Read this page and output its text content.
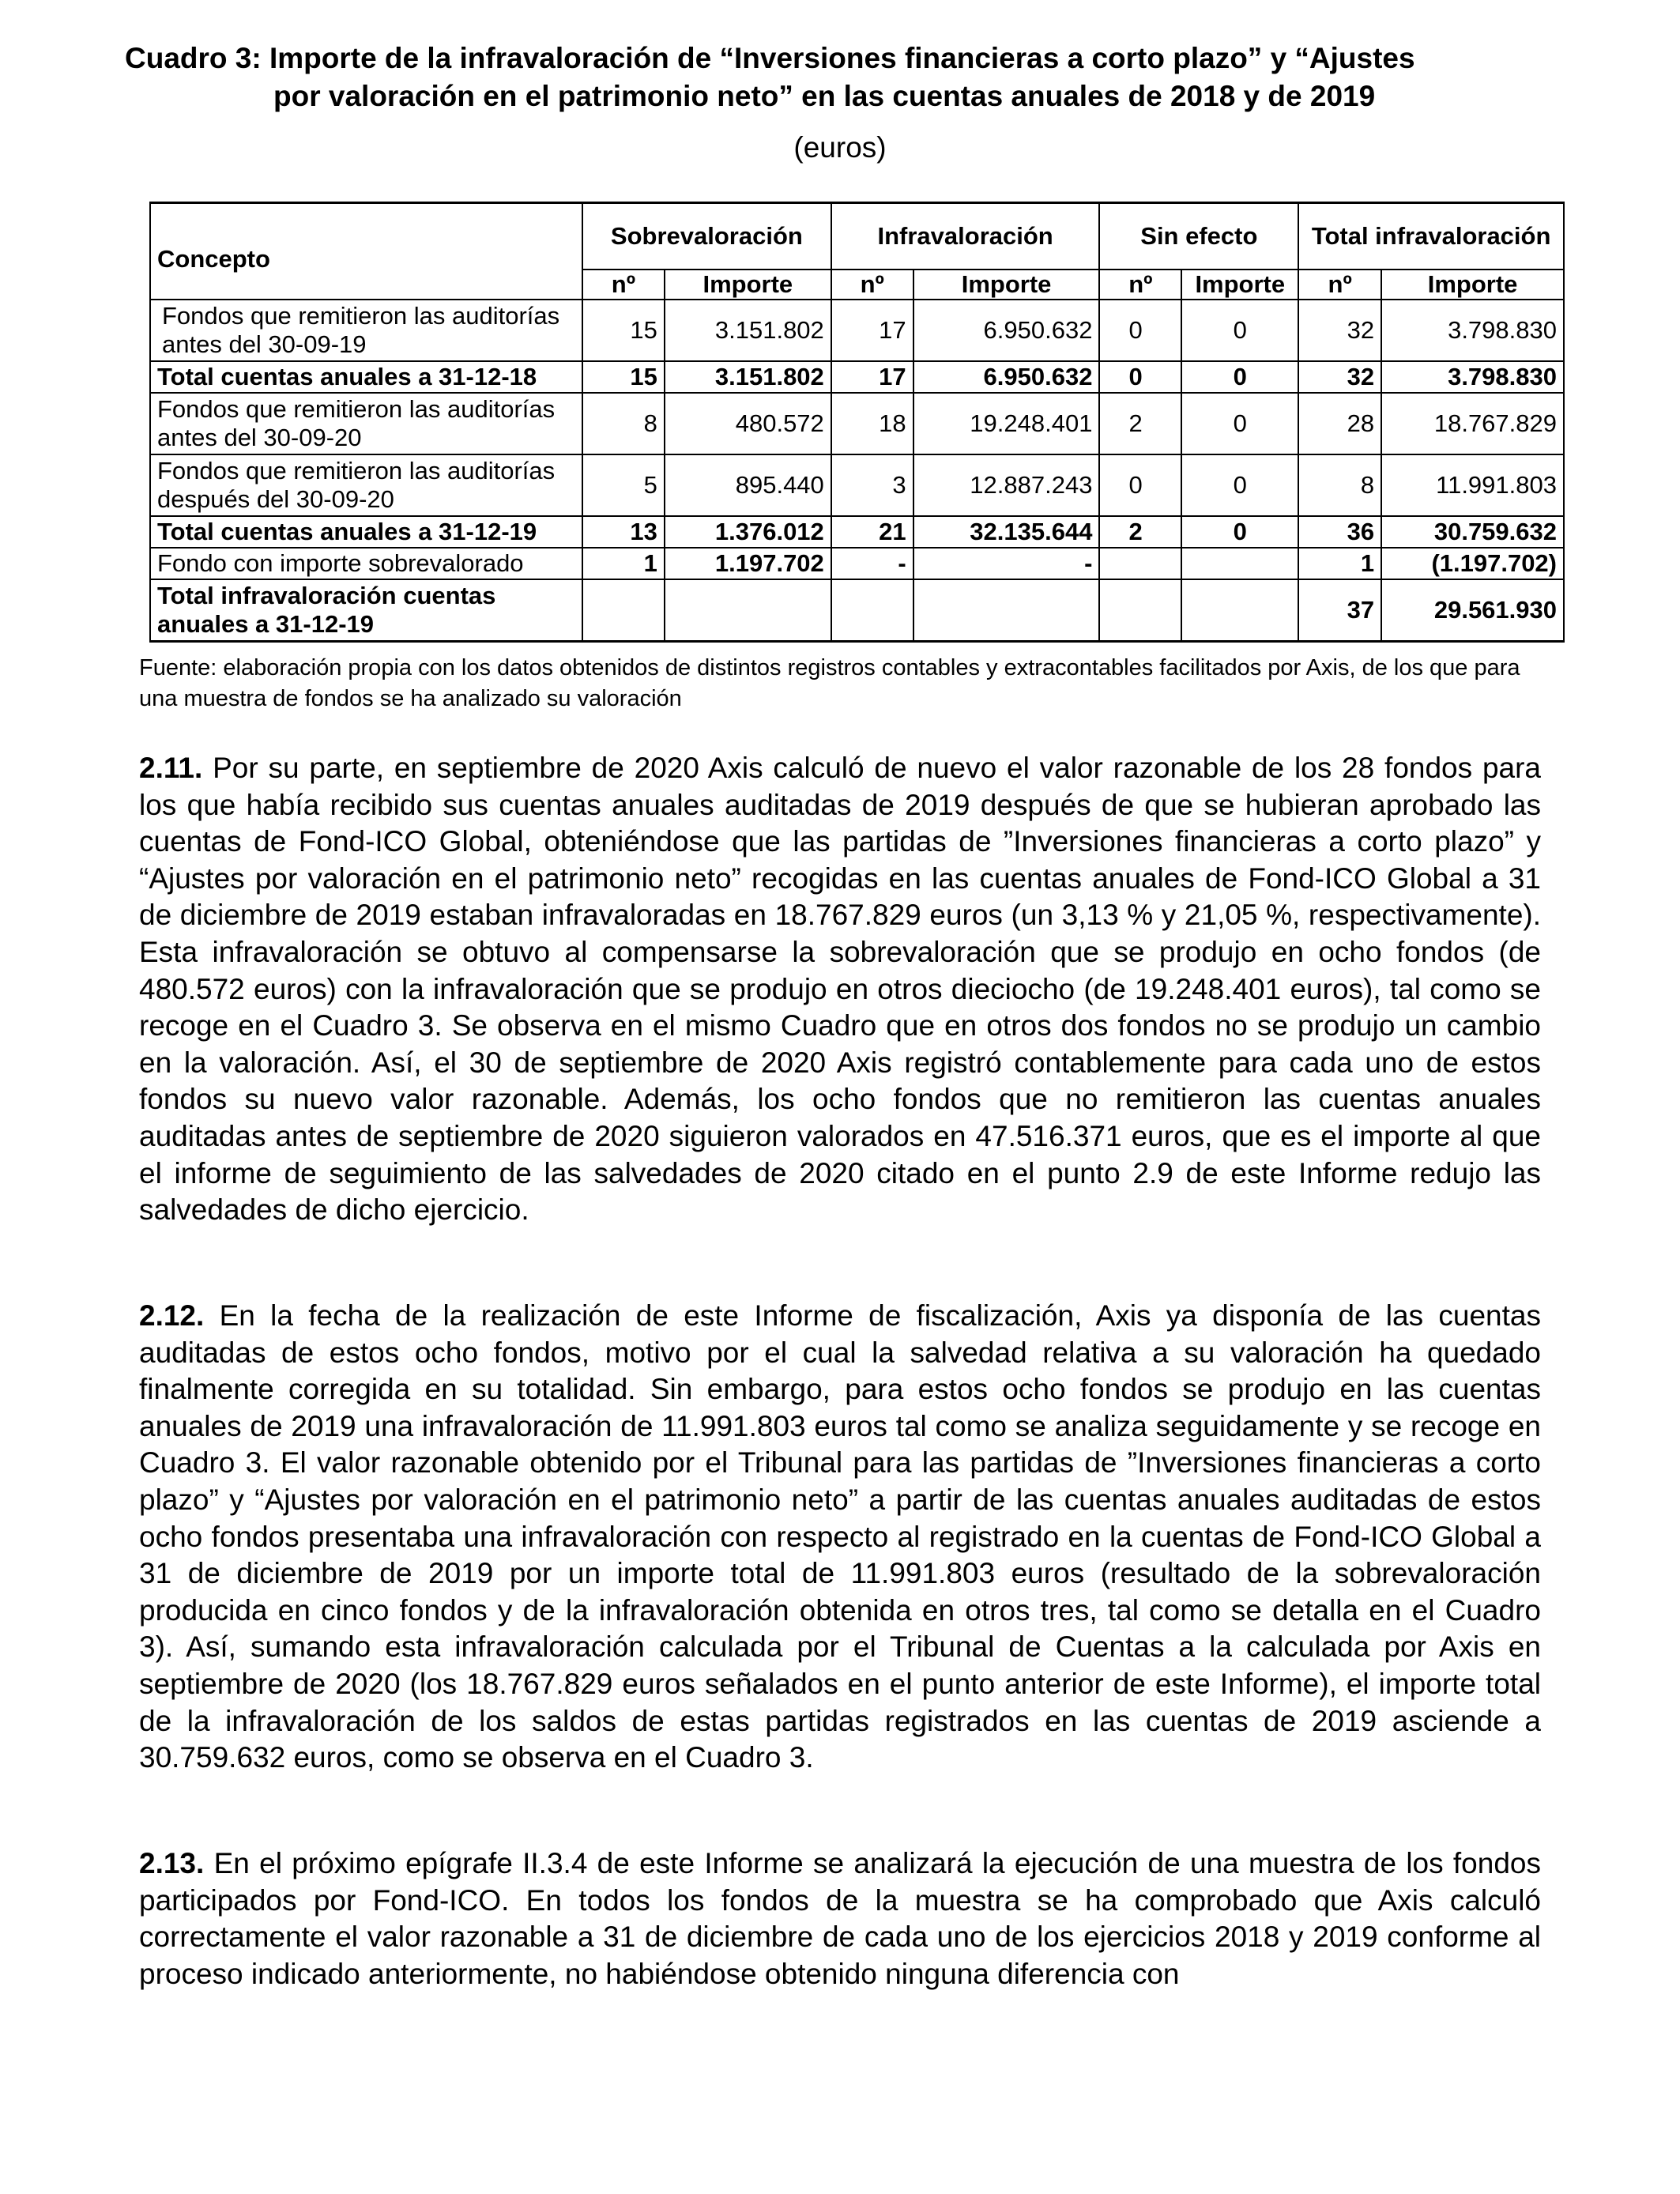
Cuadro 3: Importe de la infravaloración de “Inversiones financieras a corto plazo” y “Ajustes
por valoración en el patrimonio neto” en las cuentas anuales de 2018 y de 2019
(euros)
Concepto	Sobrevaloración		Infravaloración		Sin efecto		Total infravaloración	
	nº	Importe	nº	Importe	nº	Importe	nº	Importe
Fondos que remitieron las auditorías antes del 30-09-19	15	3.151.802	17	6.950.632	0	0	32	3.798.830
Total cuentas anuales a 31-12-18	15	3.151.802	17	6.950.632	0	0	32	3.798.830
Fondos que remitieron las auditorías antes del 30-09-20	8	480.572	18	19.248.401	2	0	28	18.767.829
Fondos que remitieron las auditorías después del 30-09-20	5	895.440	3	12.887.243	0	0	8	11.991.803
Total cuentas anuales a 31-12-19	13	1.376.012	21	32.135.644	2	0	36	30.759.632
Fondo con importe sobrevalorado	1	1.197.702	-	-			1	(1.197.702)
Total infravaloración cuentas anuales a 31-12-19							37	29.561.930
Fuente: elaboración propia con los datos obtenidos de distintos registros contables y extracontables facilitados por Axis, de los que para una muestra de fondos se ha analizado su valoración
2.11. Por su parte, en septiembre de 2020 Axis calculó de nuevo el valor razonable de los 28 fondos para los que había recibido sus cuentas anuales auditadas de 2019 después de que se hubieran aprobado las cuentas de Fond-ICO Global, obteniéndose que las partidas de ”Inversiones financieras a corto plazo” y “Ajustes por valoración en el patrimonio neto” recogidas en las cuentas anuales de Fond-ICO Global a 31 de diciembre de 2019 estaban infravaloradas en 18.767.829 euros (un 3,13 % y 21,05 %, respectivamente). Esta infravaloración se obtuvo al compensarse la sobrevaloración que se produjo en ocho fondos (de 480.572 euros) con la infravaloración que se produjo en otros dieciocho (de 19.248.401 euros), tal como se recoge en el Cuadro 3. Se observa en el mismo Cuadro que en otros dos fondos no se produjo un cambio en la valoración. Así, el 30 de septiembre de 2020 Axis registró contablemente para cada uno de estos fondos su nuevo valor razonable. Además, los ocho fondos que no remitieron las cuentas anuales auditadas antes de septiembre de 2020 siguieron valorados en 47.516.371 euros, que es el importe al que el informe de seguimiento de las salvedades de 2020 citado en el punto 2.9 de este Informe redujo las salvedades de dicho ejercicio.
2.12. En la fecha de la realización de este Informe de fiscalización, Axis ya disponía de las cuentas auditadas de estos ocho fondos, motivo por el cual la salvedad relativa a su valoración ha quedado finalmente corregida en su totalidad. Sin embargo, para estos ocho fondos se produjo en las cuentas anuales de 2019 una infravaloración de 11.991.803 euros tal como se analiza seguidamente y se recoge en Cuadro 3. El valor razonable obtenido por el Tribunal para las partidas de ”Inversiones financieras a corto plazo” y “Ajustes por valoración en el patrimonio neto” a partir de las cuentas anuales auditadas de estos ocho fondos presentaba una infravaloración con respecto al registrado en la cuentas de Fond-ICO Global a 31 de diciembre de 2019 por un importe total de 11.991.803 euros (resultado de la sobrevaloración producida en cinco fondos y de la infravaloración obtenida en otros tres, tal como se detalla en el Cuadro 3). Así, sumando esta infravaloración calculada por el Tribunal de Cuentas a la calculada por Axis en septiembre de 2020 (los 18.767.829 euros señalados en el punto anterior de este Informe), el importe total de la infravaloración de los saldos de estas partidas registrados en las cuentas de 2019 asciende a 30.759.632 euros, como se observa en el Cuadro 3.
2.13. En el próximo epígrafe II.3.4 de este Informe se analizará la ejecución de una muestra de los fondos participados por Fond-ICO. En todos los fondos de la muestra se ha comprobado que Axis calculó correctamente el valor razonable a 31 de diciembre de cada uno de los ejercicios 2018 y 2019 conforme al proceso indicado anteriormente, no habiéndose obtenido ninguna diferencia con
